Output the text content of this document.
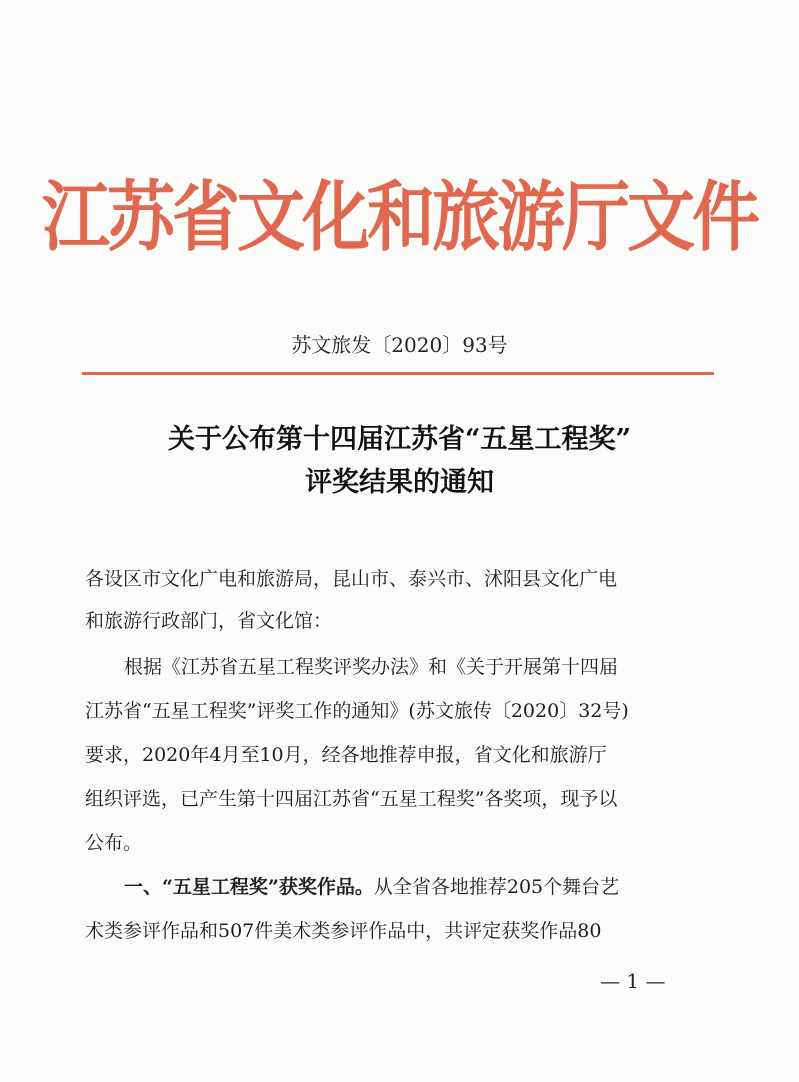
江苏省文化和旅游厅文件
苏文旅发〔2020〕93号
关于公布第十四届江苏省“五星工程奖”
评奖结果的通知
各设区市文化广电和旅游局，昆山市、泰兴市、沭阳县文化广电
和旅游行政部门，省文化馆：
根据《江苏省五星工程奖评奖办法》和《关于开展第十四届
江苏省“五星工程奖”评奖工作的通知》(苏文旅传〔2020〕32号)
要求，2020年4月至10月，经各地推荐申报，省文化和旅游厅
组织评选，已产生第十四届江苏省“五星工程奖”各奖项，现予以
公布。
一、“五星工程奖”获奖作品。从全省各地推荐205个舞台艺
术类参评作品和507件美术类参评作品中，共评定获奖作品80
— 1 —
